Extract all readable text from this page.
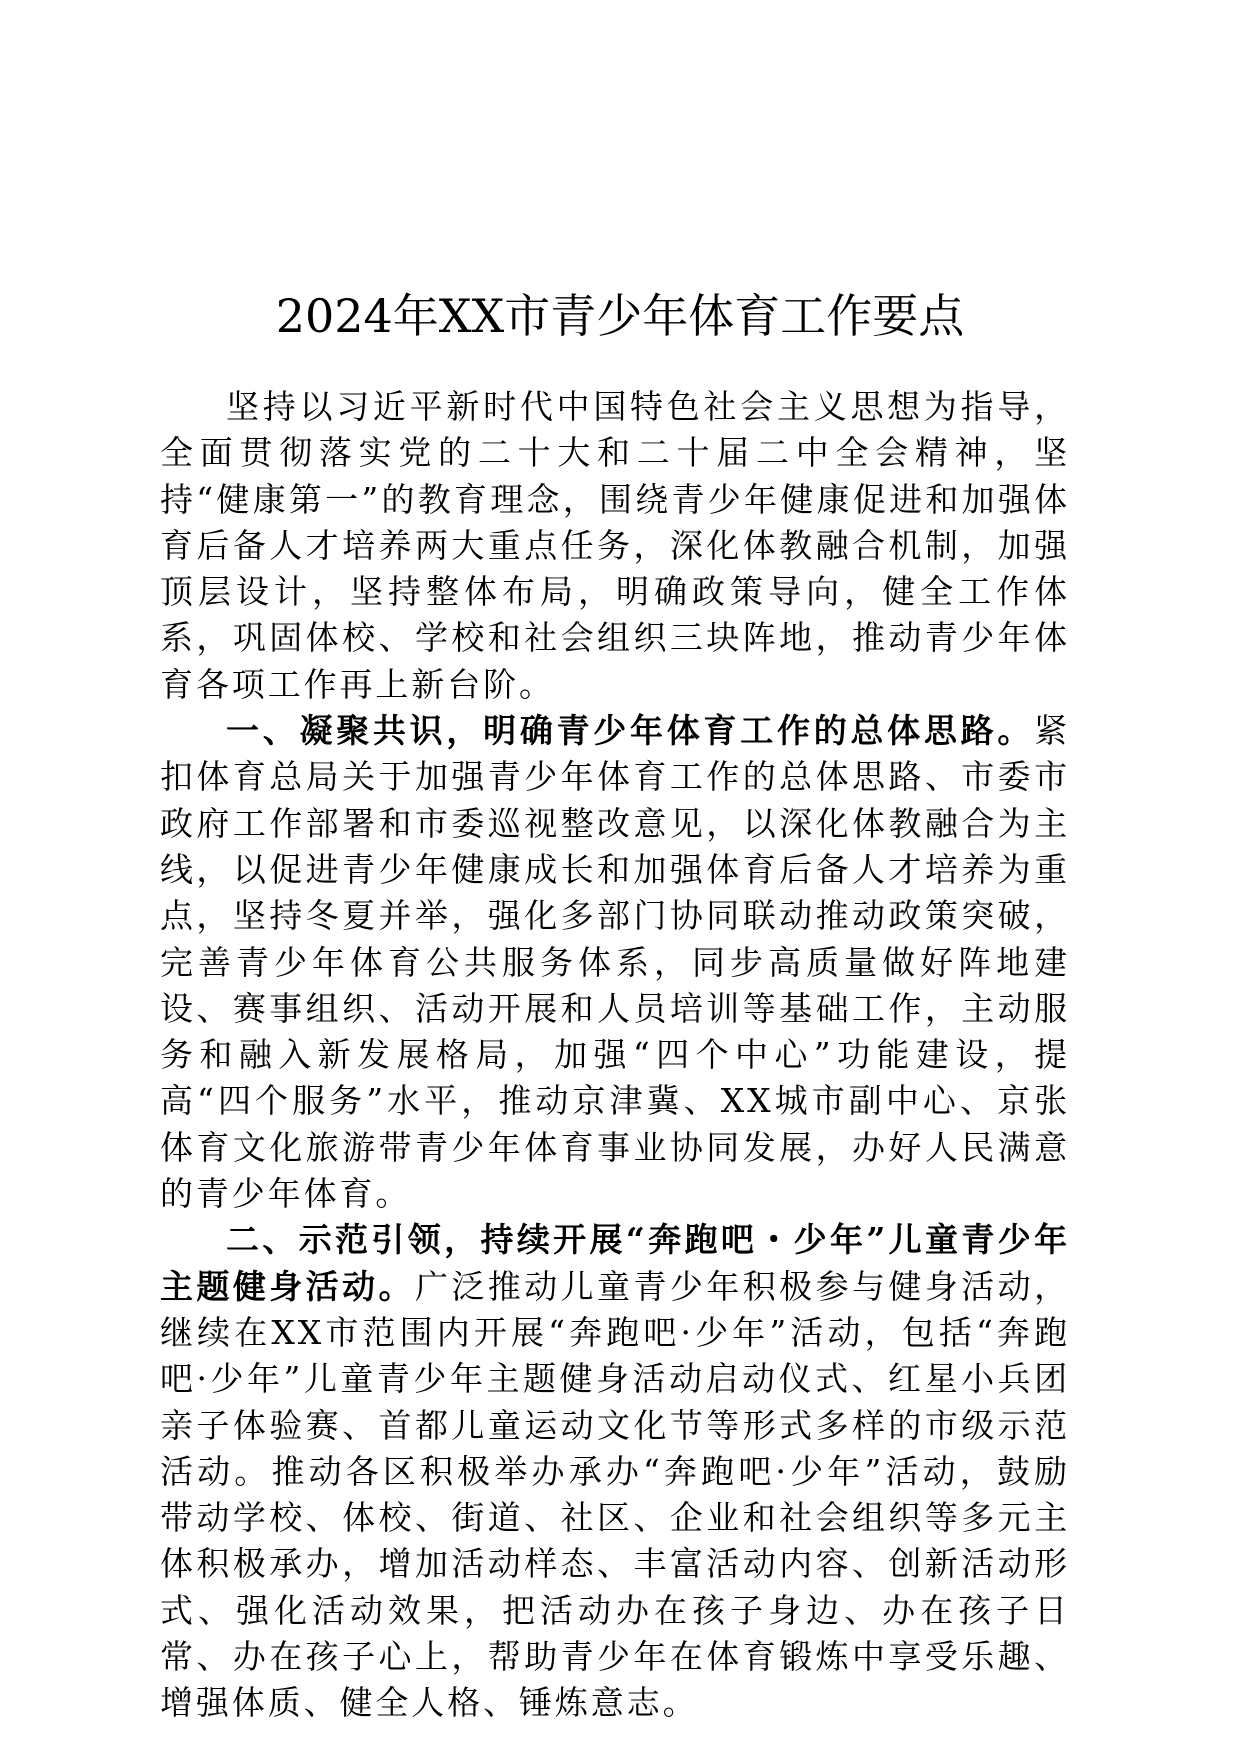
2024年XX市青少年体育工作要点

坚持以习近平新时代中国特色社会主义思想为指导，全面贯彻落实党的二十大和二十届二中全会精神，坚持“健康第一”的教育理念，围绕青少年健康促进和加强体育后备人才培养两大重点任务，深化体教融合机制，加强顶层设计，坚持整体布局，明确政策导向，健全工作体系，巩固体校、学校和社会组织三块阵地，推动青少年体育各项工作再上新台阶。

一、凝聚共识，明确青少年体育工作的总体思路。紧扣体育总局关于加强青少年体育工作的总体思路、市委市政府工作部署和市委巡视整改意见，以深化体教融合为主线，以促进青少年健康成长和加强体育后备人才培养为重点，坚持冬夏并举，强化多部门协同联动推动政策突破，完善青少年体育公共服务体系，同步高质量做好阵地建设、赛事组织、活动开展和人员培训等基础工作，主动服务和融入新发展格局，加强“四个中心”功能建设，提高“四个服务”水平，推动京津冀、XX城市副中心、京张体育文化旅游带青少年体育事业协同发展，办好人民满意的青少年体育。

二、示范引领，持续开展“奔跑吧・少年”儿童青少年主题健身活动。广泛推动儿童青少年积极参与健身活动，继续在XX市范围内开展“奔跑吧·少年”活动，包括“奔跑吧·少年”儿童青少年主题健身活动启动仪式、红星小兵团亲子体验赛、首都儿童运动文化节等形式多样的市级示范活动。推动各区积极举办承办“奔跑吧·少年”活动，鼓励带动学校、体校、街道、社区、企业和社会组织等多元主体积极承办，增加活动样态、丰富活动内容、创新活动形式、强化活动效果，把活动办在孩子身边、办在孩子日常、办在孩子心上，帮助青少年在体育锻炼中享受乐趣、增强体质、健全人格、锤炼意志。
